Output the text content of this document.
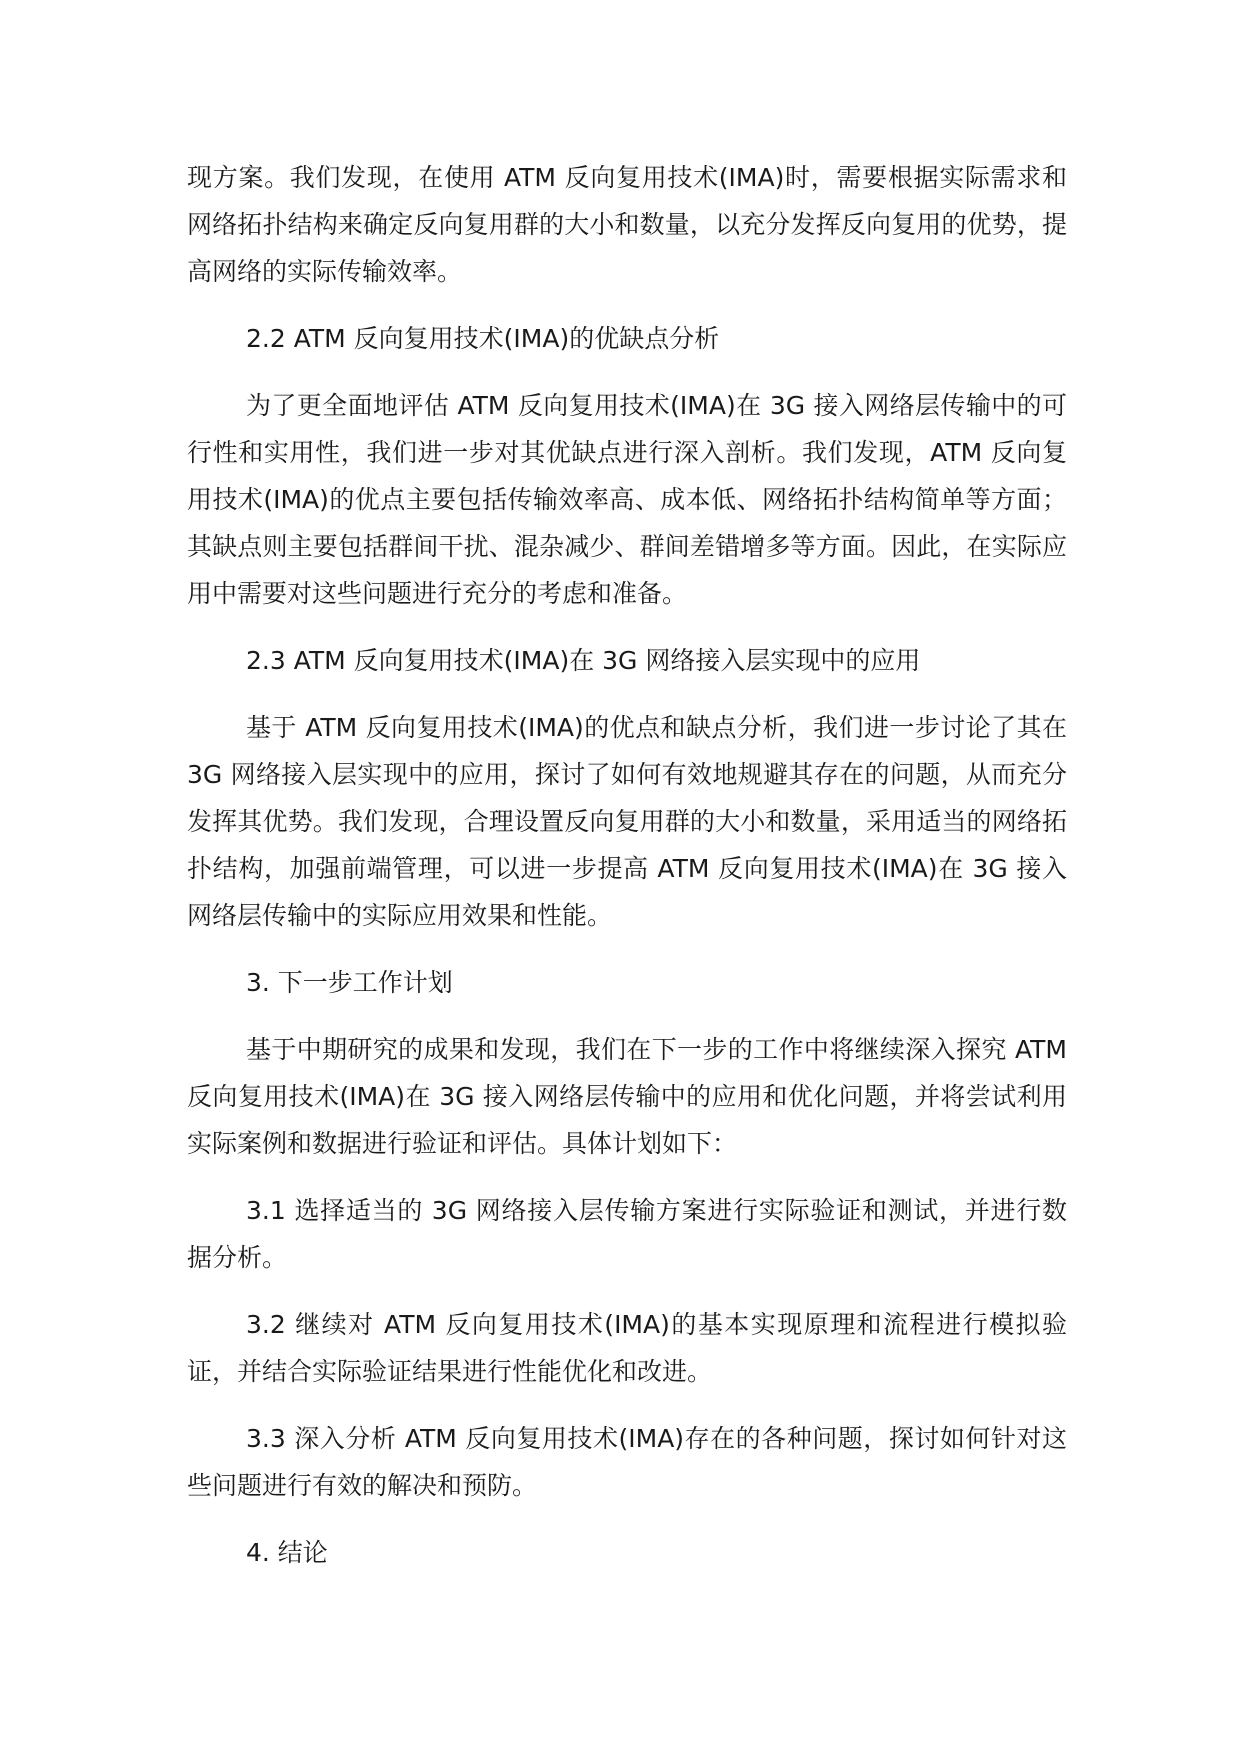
现方案。我们发现，在使用 ATM 反向复用技术(IMA)时，需要根据实际需求和网络拓扑结构来确定反向复用群的大小和数量，以充分发挥反向复用的优势，提高网络的实际传输效率。

2.2 ATM 反向复用技术(IMA)的优缺点分析

为了更全面地评估 ATM 反向复用技术(IMA)在 3G 接入网络层传输中的可行性和实用性，我们进一步对其优缺点进行深入剖析。我们发现，ATM 反向复用技术(IMA)的优点主要包括传输效率高、成本低、网络拓扑结构简单等方面；其缺点则主要包括群间干扰、混杂减少、群间差错增多等方面。因此，在实际应用中需要对这些问题进行充分的考虑和准备。

2.3 ATM 反向复用技术(IMA)在 3G 网络接入层实现中的应用

基于 ATM 反向复用技术(IMA)的优点和缺点分析，我们进一步讨论了其在 3G 网络接入层实现中的应用，探讨了如何有效地规避其存在的问题，从而充分发挥其优势。我们发现，合理设置反向复用群的大小和数量，采用适当的网络拓扑结构，加强前端管理，可以进一步提高 ATM 反向复用技术(IMA)在 3G 接入网络层传输中的实际应用效果和性能。

3. 下一步工作计划

基于中期研究的成果和发现，我们在下一步的工作中将继续深入探究 ATM 反向复用技术(IMA)在 3G 接入网络层传输中的应用和优化问题，并将尝试利用实际案例和数据进行验证和评估。具体计划如下：

3.1 选择适当的 3G 网络接入层传输方案进行实际验证和测试，并进行数据分析。

3.2 继续对 ATM 反向复用技术(IMA)的基本实现原理和流程进行模拟验证，并结合实际验证结果进行性能优化和改进。

3.3 深入分析 ATM 反向复用技术(IMA)存在的各种问题，探讨如何针对这些问题进行有效的解决和预防。

4. 结论
